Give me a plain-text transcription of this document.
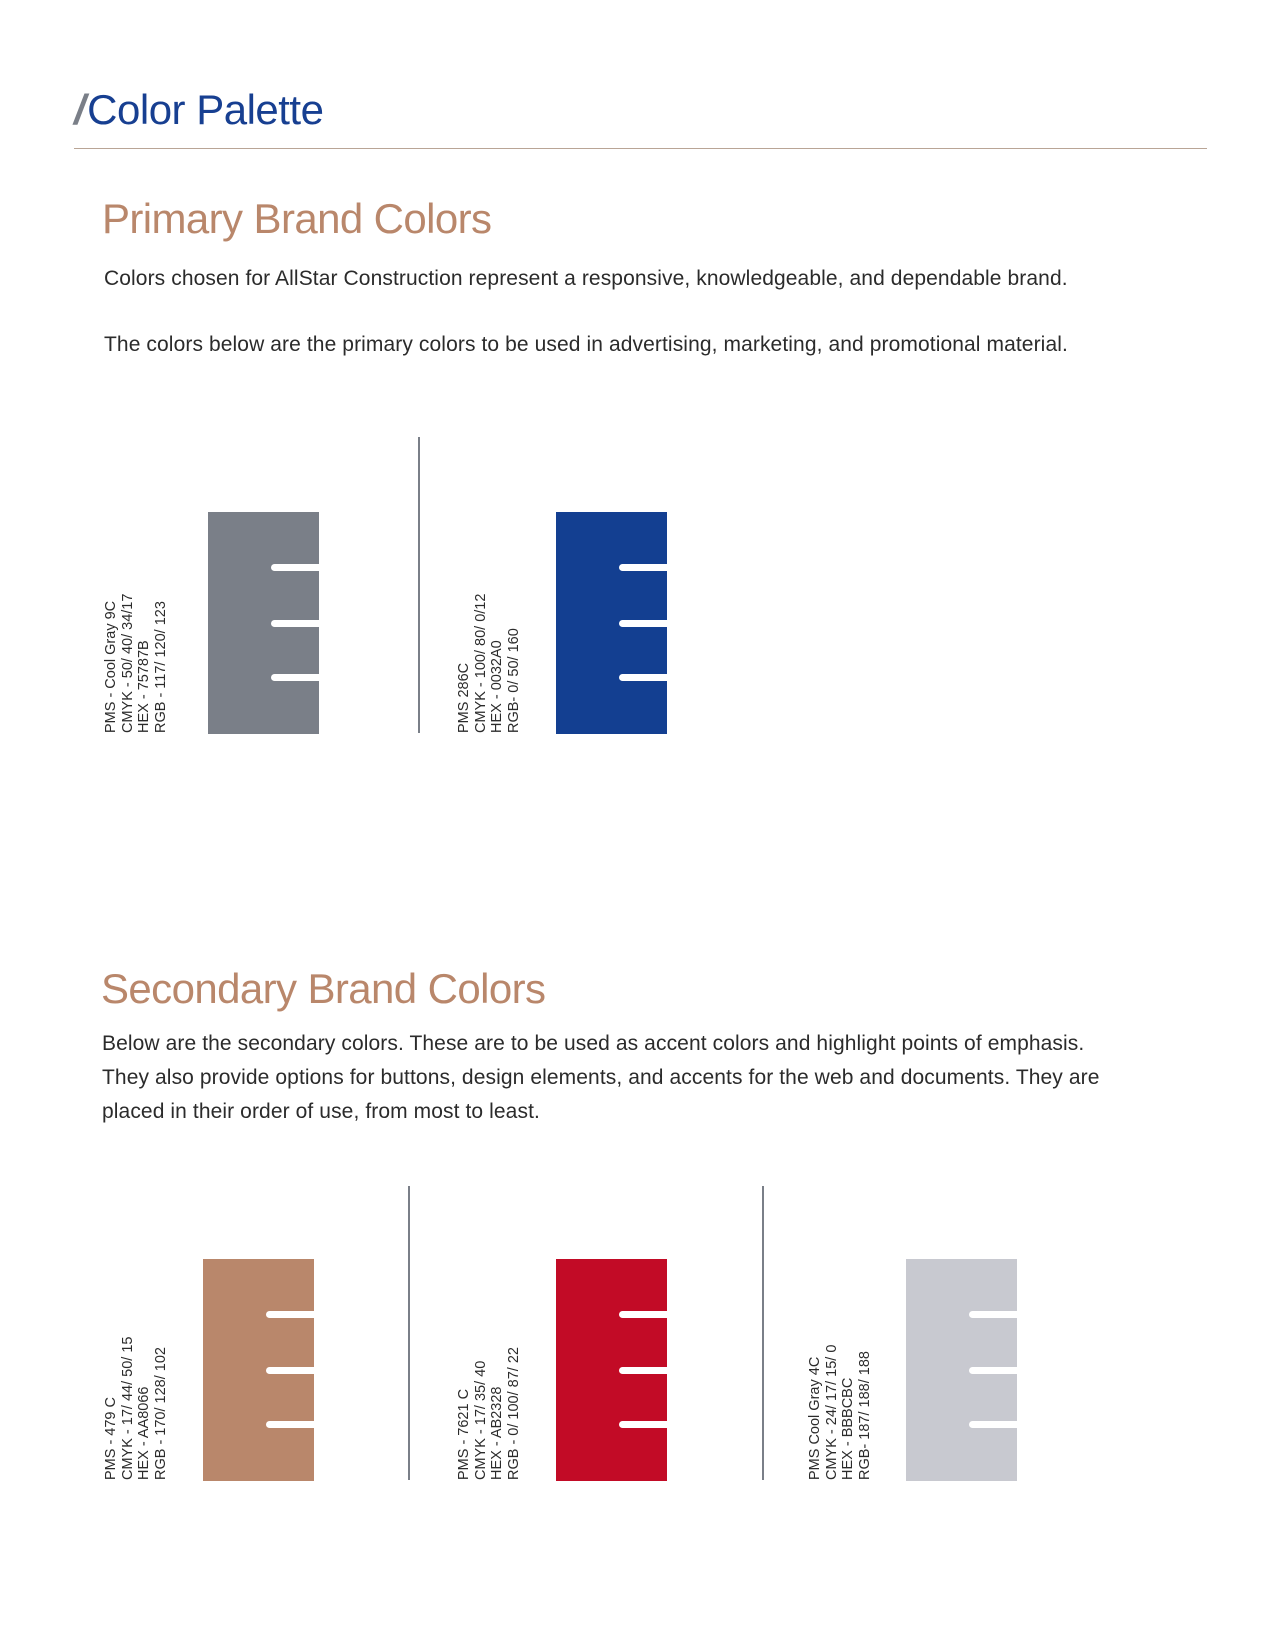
/Color Palette
Primary Brand Colors

Colors chosen for AllStar Construction represent a responsive, knowledgeable, and dependable brand.

The colors below are the primary colors to be used in advertising, marketing, and promotional material.

PMS - Cool Gray 9C CMYK - 50/ 40/ 34/17 HEX - 75787B RGB - 117/ 120/ 123	PMS 286C CMYK - 100/ 80/ 0/12 HEX - 0032A0 RGB- 0/ 50/ 160
Secondary Brand Colors

Below are the secondary colors. These are to be used as accent colors and highlight points of emphasis. They also provide options for buttons, design elements, and accents for the web and documents. They are placed in their order of use, from most to least.

PMS - 479 C CMYK - 17/ 44/ 50/ 15 HEX - AA8066 RGB - 170/ 128/ 102	PMS - 7621 C CMYK - 17/ 35/ 40 HEX - AB2328 RGB - 0/ 100/ 87/ 22	PMS Cool Gray 4C CMYK - 24/ 17/ 15/ 0 HEX - BBBCBC RGB- 187/ 188/ 188
